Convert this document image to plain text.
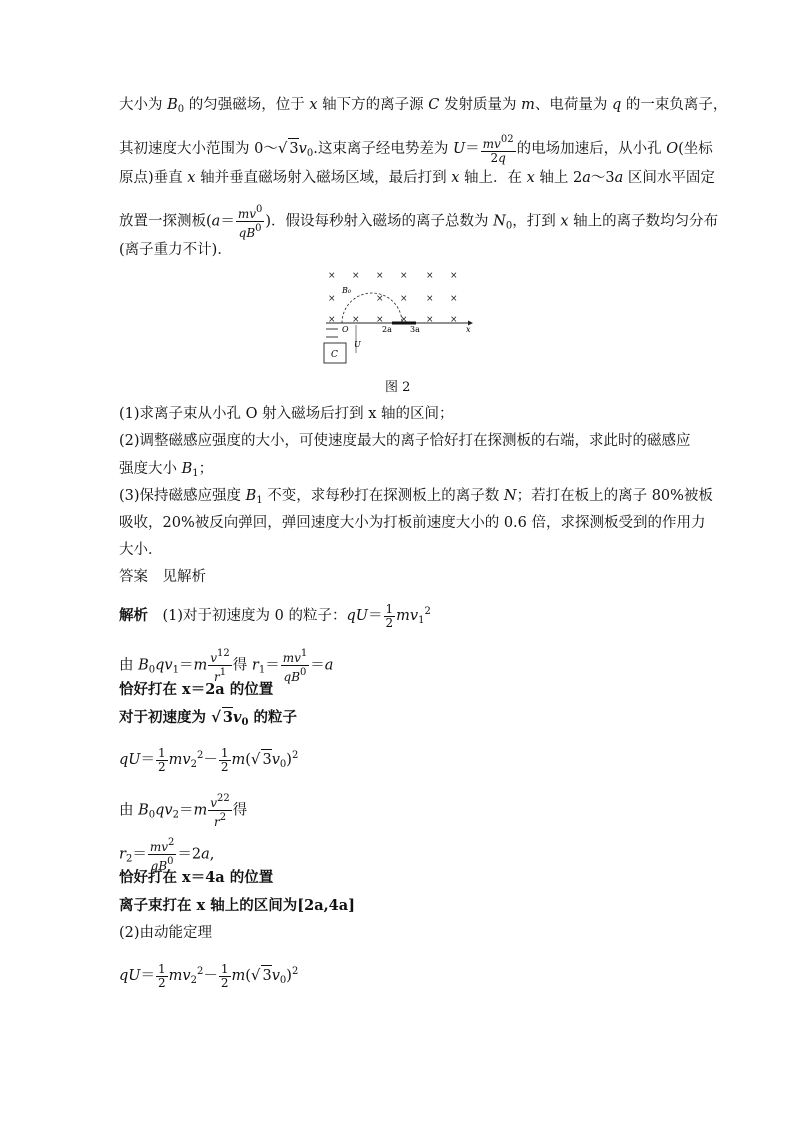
大小为 $B_0$ 的匀强磁场，位于 x 轴下方的离子源 C 发射质量为 m、电荷量为 q 的一束负离子，
其初速度大小范围为 0～√ $3v_0$.这束离子经电势差为 $U= \frac{mv^{02}}{2q}$ 的电场加速后，从小孔 O(坐标
原点)垂直 x 轴并垂直磁场射入磁场区域，最后打到 x 轴上．在 x 轴上 2a～3a 区间水平固定
放置一探测板($a= \frac{mv^0}{qB^0}$ )．假设每秒射入磁场的离子总数为 $N_0$，打到 x 轴上的离子数均匀分布
(离子重力不计)．
× × × × × ×
×	× × × ×
× × × × × ×
B₀
x
2a 3a
O
U
C
图 2
(1)求离子束从小孔 O 射入磁场后打到 x 轴的区间；
(2)调整磁感应强度的大小，可使速度最大的离子恰好打在探测板的右端，求此时的磁感应
强度大小 $B_1$；
(3)保持磁感应强度 $B_1$ 不变，求每秒打在探测板上的离子数 N；若打在板上的离子 80%被板
吸收，20%被反向弹回，弹回速度大小为打板前速度大小的 0.6 倍，求探测板受到的作用力
大小．
答案　见解析
解析　(1)对于初速度为 0 的粒子：$qU= \frac{1}{2} mv_1^2$
由 $B_0qv_1=m \frac{v^{12}}{r^1}$ 得 $r_1= \frac{mv^1}{qB^0} =a$
恰好打在 x＝2a 的位置
对于初速度为 √ $3v_0$ 的粒子
$qU= \frac{1}{2} mv_2^2- \frac{1}{2} m(√$ $3v_0)^2$
由 $B_0qv_2=m \frac{v^{22}}{r^2}$ 得
$r_2= \frac{mv^2}{qB^0} =2a$,
恰好打在 x＝4a 的位置
离子束打在 x 轴上的区间为[2a,4a]
(2)由动能定理
$qU= \frac{1}{2} mv_2^2- \frac{1}{2} m(√$ $3v_0)^2$
